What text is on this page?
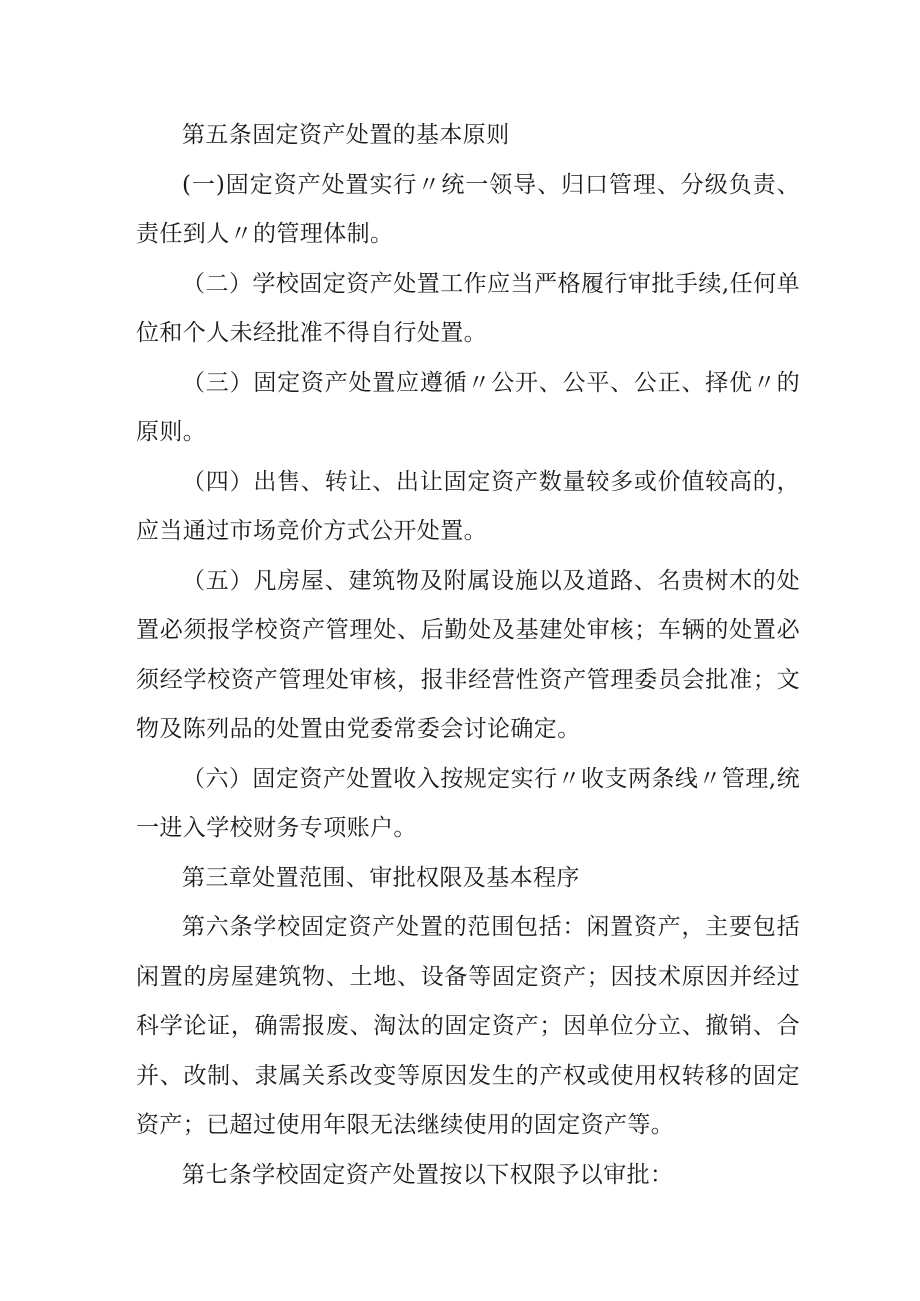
第五条固定资产处置的基本原则

(一)固定资产处置实行〃统一领导、归口管理、分级负责、责任到人〃的管理体制。

（二）学校固定资产处置工作应当严格履行审批手续,任何单位和个人未经批准不得自行处置。

（三）固定资产处置应遵循〃公开、公平、公正、择优〃的原则。

（四）出售、转让、出让固定资产数量较多或价值较高的，应当通过市场竞价方式公开处置。

（五）凡房屋、建筑物及附属设施以及道路、名贵树木的处置必须报学校资产管理处、后勤处及基建处审核；车辆的处置必须经学校资产管理处审核，报非经营性资产管理委员会批准；文物及陈列品的处置由党委常委会讨论确定。

（六）固定资产处置收入按规定实行〃收支两条线〃管理,统一进入学校财务专项账户。

第三章处置范围、审批权限及基本程序

第六条学校固定资产处置的范围包括：闲置资产，主要包括闲置的房屋建筑物、土地、设备等固定资产；因技术原因并经过科学论证，确需报废、淘汰的固定资产；因单位分立、撤销、合并、改制、隶属关系改变等原因发生的产权或使用权转移的固定资产；已超过使用年限无法继续使用的固定资产等。

第七条学校固定资产处置按以下权限予以审批：
